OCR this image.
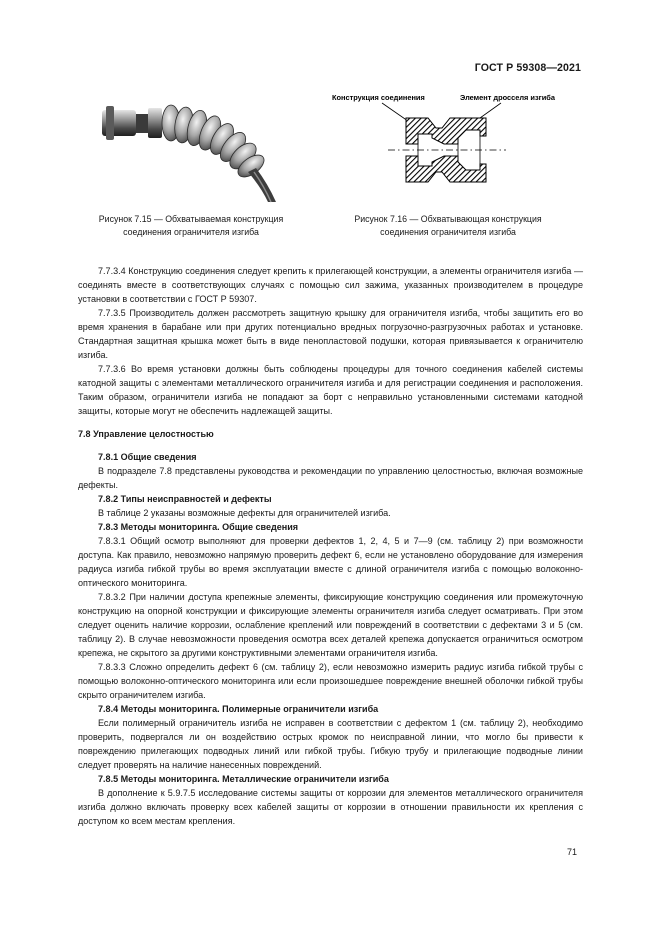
ГОСТ Р 59308—2021
Конструкция соединения	Элемент дросселя изгиба
Рисунок 7.15 — Обхватываемая конструкция
соединения ограничителя изгиба
Рисунок 7.16 — Обхватывающая конструкция
соединения ограничителя изгиба

7.7.3.4 Конструкцию соединения следует крепить к прилегающей конструкции, а элементы ограничителя изгиба — соединять вместе в соответствующих случаях с помощью сил зажима, указанных производителем в процедуре установки в соответствии с ГОСТ Р 59307.

7.7.3.5 Производитель должен рассмотреть защитную крышку для ограничителя изгиба, чтобы защитить его во время хранения в барабане или при других потенциально вредных погрузочно-разгрузочных работах и установке. Стандартная защитная крышка может быть в виде пенопластовой подушки, которая привязывается к ограничителю изгиба.

7.7.3.6 Во время установки должны быть соблюдены процедуры для точного соединения кабелей системы катодной защиты с элементами металлического ограничителя изгиба и для регистрации соединения и расположения. Таким образом, ограничители изгиба не попадают за борт с неправильно установленными системами катодной защиты, которые могут не обеспечить надлежащей защиты.

7.8 Управление целостностью

7.8.1 Общие сведения

В подразделе 7.8 представлены руководства и рекомендации по управлению целостностью, включая возможные дефекты.

7.8.2 Типы неисправностей и дефекты

В таблице 2 указаны возможные дефекты для ограничителей изгиба.

7.8.3 Методы мониторинга. Общие сведения

7.8.3.1 Общий осмотр выполняют для проверки дефектов 1, 2, 4, 5 и 7—9 (см. таблицу 2) при возможности доступа. Как правило, невозможно напрямую проверить дефект 6, если не установлено оборудование для измерения радиуса изгиба гибкой трубы во время эксплуатации вместе с длиной ограничителя изгиба с помощью волоконно-оптического мониторинга.

7.8.3.2 При наличии доступа крепежные элементы, фиксирующие конструкцию соединения или промежуточную конструкцию на опорной конструкции и фиксирующие элементы ограничителя изгиба следует осматривать. При этом следует оценить наличие коррозии, ослабление креплений или повреждений в соответствии с дефектами 3 и 5 (см. таблицу 2). В случае невозможности проведения осмотра всех деталей крепежа допускается ограничиться осмотром крепежа, не скрытого за другими конструктивными элементами ограничителя изгиба.

7.8.3.3 Сложно определить дефект 6 (см. таблицу 2), если невозможно измерить радиус изгиба гибкой трубы с помощью волоконно-оптического мониторинга или если произошедшее повреждение внешней оболочки гибкой трубы скрыто ограничителем изгиба.

7.8.4 Методы мониторинга. Полимерные ограничители изгиба

Если полимерный ограничитель изгиба не исправен в соответствии с дефектом 1 (см. таблицу 2), необходимо проверить, подвергался ли он воздействию острых кромок по неисправной линии, что могло бы привести к повреждению прилегающих подводных линий или гибкой трубы. Гибкую трубу и прилегающие подводные линии следует проверять на наличие нанесенных повреждений.

7.8.5 Методы мониторинга. Металлические ограничители изгиба

В дополнение к 5.9.7.5 исследование системы защиты от коррозии для элементов металлического ограничителя изгиба должно включать проверку всех кабелей защиты от коррозии в отношении правильности их крепления с доступом ко всем местам крепления.

71
